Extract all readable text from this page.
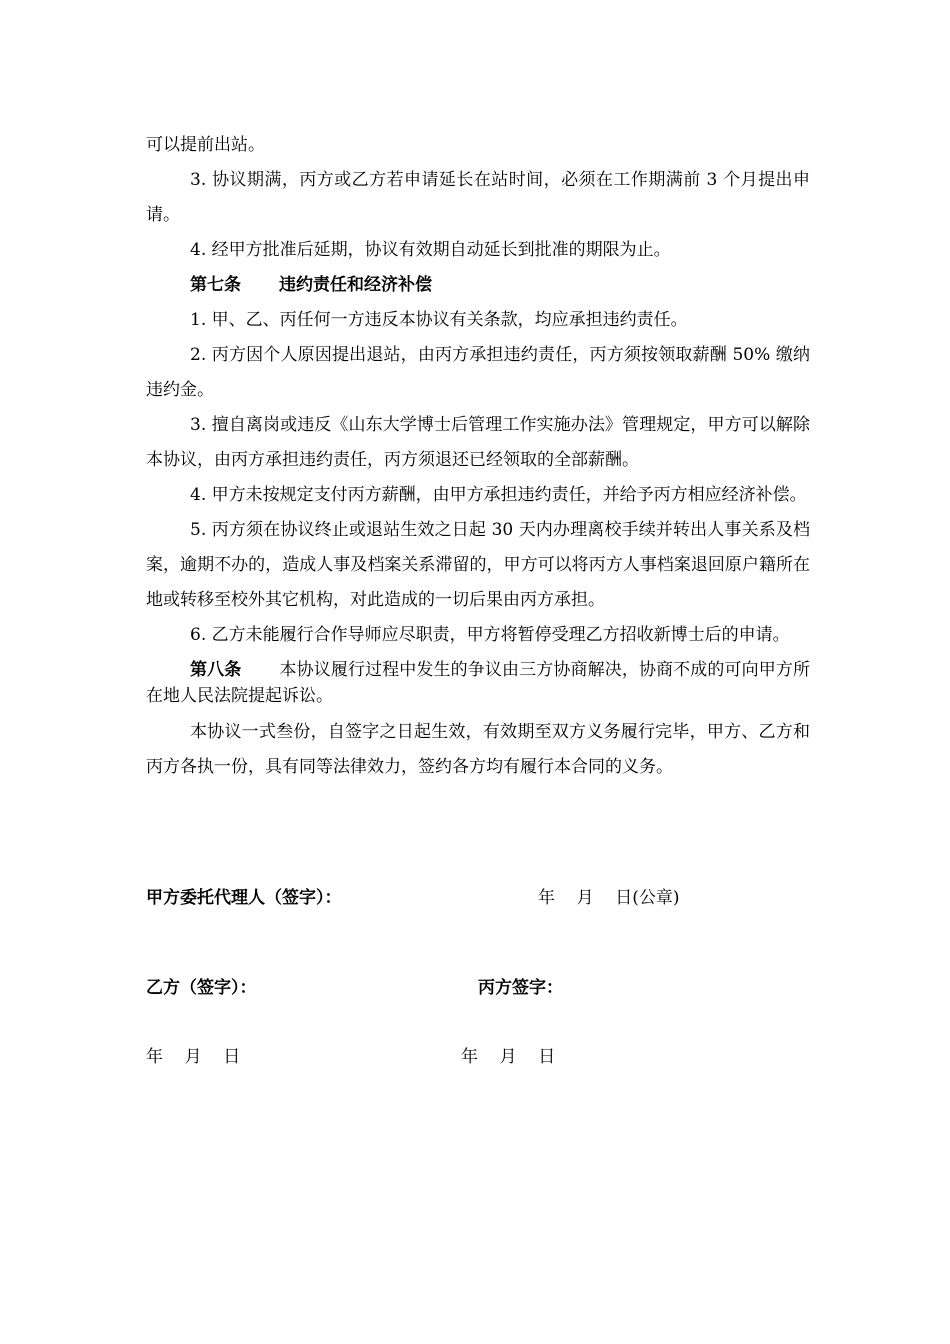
可以提前出站。

3. 协议期满，丙方或乙方若申请延长在站时间，必须在工作期满前 3 个月提出申请。

4. 经甲方批准后延期，协议有效期自动延长到批准的期限为止。

第七条 违约责任和经济补偿

1. 甲、乙、丙任何一方违反本协议有关条款，均应承担违约责任。

2. 丙方因个人原因提出退站，由丙方承担违约责任，丙方须按领取薪酬 50% 缴纳违约金。

3. 擅自离岗或违反《山东大学博士后管理工作实施办法》管理规定，甲方可以解除本协议，由丙方承担违约责任，丙方须退还已经领取的全部薪酬。

4. 甲方未按规定支付丙方薪酬，由甲方承担违约责任，并给予丙方相应经济补偿。

5. 丙方须在协议终止或退站生效之日起 30 天内办理离校手续并转出人事关系及档案，逾期不办的，造成人事及档案关系滞留的，甲方可以将丙方人事档案退回原户籍所在地或转移至校外其它机构，对此造成的一切后果由丙方承担。

6. 乙方未能履行合作导师应尽职责，甲方将暂停受理乙方招收新博士后的申请。

第八条 本协议履行过程中发生的争议由三方协商解决，协商不成的可向甲方所在地人民法院提起诉讼。

本协议一式叁份，自签字之日起生效，有效期至双方义务履行完毕，甲方、乙方和丙方各执一份，具有同等法律效力，签约各方均有履行本合同的义务。

甲方委托代理人（签字）：	年    月    日(公章)
乙方（签字）：	丙方签字：
年    月    日	年    月    日
